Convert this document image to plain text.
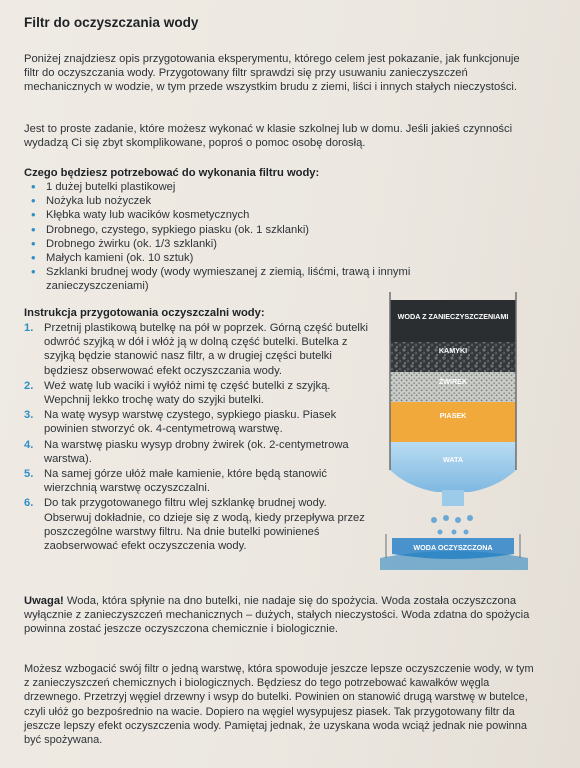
Filtr do oczyszczania wody

Poniżej znajdziesz opis przygotowania eksperymentu, którego celem jest pokazanie, jak funkcjonuje filtr do oczyszczania wody. Przygotowany filtr sprawdzi się przy usuwaniu zanieczyszczeń mechanicznych w wodzie, w tym przede wszystkim brudu z ziemi, liści i innych stałych nieczystości.

Jest to proste zadanie, które możesz wykonać w klasie szkolnej lub w domu. Jeśli jakieś czynności wydadzą Ci się zbyt skomplikowane, poproś o pomoc osobę dorosłą.

Czego będziesz potrzebować do wykonania filtru wody:
• 1 dużej butelki plastikowej
• Nożyka lub nożyczek
• Kłębka waty lub wacików kosmetycznych
• Drobnego, czystego, sypkiego piasku (ok. 1 szklanki)
• Drobnego żwirku (ok. 1/3 szklanki)
• Małych kamieni (ok. 10 sztuk)
• Szklanki brudnej wody (wody wymieszanej z ziemią, liśćmi, trawą i innymi zanieczyszczeniami)
Instrukcja przygotowania oczyszczalni wody:
1. Przetnij plastikową butelkę na pół w poprzek. Górną część butelki odwróć szyjką w dół i włóż ją w dolną część butelki. Butelka z szyjką będzie stanowić nasz filtr, a w drugiej części butelki będziesz obserwować efekt oczyszczania wody.
2. Weź watę lub waciki i wyłóż nimi tę część butelki z szyjką. Wepchnij lekko trochę waty do szyjki butelki.
3. Na watę wysyp warstwę czystego, sypkiego piasku. Piasek powinien stworzyć ok. 4-centymetrową warstwę.
4. Na warstwę piasku wysyp drobny żwirek (ok. 2-centymetrowa warstwa).
5. Na samej górze ułóż małe kamienie, które będą stanowić wierzchnią warstwę oczyszczalni.
6. Do tak przygotowanego filtru wlej szklankę brudnej wody. Obserwuj dokładnie, co dzieje się z wodą, kiedy przepływa przez poszczególne warstwy filtru. Na dnie butelki powinieneś zaobserwować efekt oczyszczenia wody.
WODA Z ZANIECZYSZCZENIAMI
KAMYKI
ŻWIREK
PIASEK
WATA
WODA OCZYSZCZONA

Uwaga! Woda, która spłynie na dno butelki, nie nadaje się do spożycia. Woda została oczyszczona wyłącznie z zanieczyszczeń mechanicznych – dużych, stałych nieczystości. Woda zdatna do spożycia powinna zostać jeszcze oczyszczona chemicznie i biologicznie.

Możesz wzbogacić swój filtr o jedną warstwę, która spowoduje jeszcze lepsze oczyszczenie wody, w tym z zanieczyszczeń chemicznych i biologicznych. Będziesz do tego potrzebować kawałków węgla drzewnego. Przetrzyj węgiel drzewny i wsyp do butelki. Powinien on stanowić drugą warstwę w butelce, czyli ułóż go bezpośrednio na wacie. Dopiero na węgiel wysypujesz piasek. Tak przygotowany filtr da jeszcze lepszy efekt oczyszczenia wody. Pamiętaj jednak, że uzyskana woda wciąż jednak nie powinna być spożywana.
